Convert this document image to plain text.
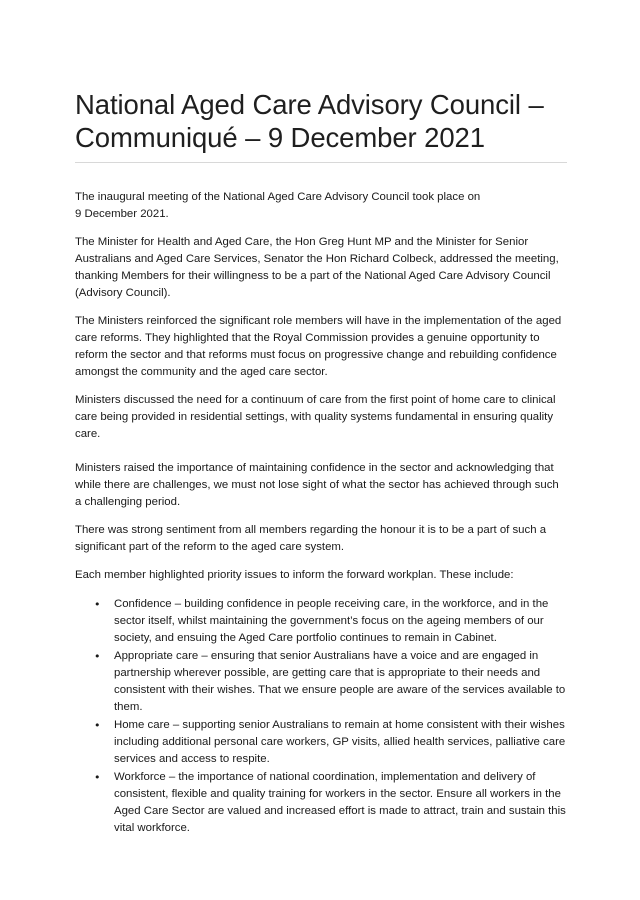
National Aged Care Advisory Council –
Communiqué – 9 December 2021

The inaugural meeting of the National Aged Care Advisory Council took place on
9 December 2021.

The Minister for Health and Aged Care, the Hon Greg Hunt MP and the Minister for Senior Australians and Aged Care Services, Senator the Hon Richard Colbeck, addressed the meeting, thanking Members for their willingness to be a part of the National Aged Care Advisory Council (Advisory Council).

The Ministers reinforced the significant role members will have in the implementation of the aged care reforms. They highlighted that the Royal Commission provides a genuine opportunity to reform the sector and that reforms must focus on progressive change and rebuilding confidence amongst the community and the aged care sector.

Ministers discussed the need for a continuum of care from the first point of home care to clinical care being provided in residential settings, with quality systems fundamental in ensuring quality care.

Ministers raised the importance of maintaining confidence in the sector and acknowledging that while there are challenges, we must not lose sight of what the sector has achieved through such a challenging period.

There was strong sentiment from all members regarding the honour it is to be a part of such a significant part of the reform to the aged care system.

Each member highlighted priority issues to inform the forward workplan. These include:

• Confidence – building confidence in people receiving care, in the workforce, and in the sector itself, whilst maintaining the government’s focus on the ageing members of our society, and ensuing the Aged Care portfolio continues to remain in Cabinet.
• Appropriate care – ensuring that senior Australians have a voice and are engaged in partnership wherever possible, are getting care that is appropriate to their needs and consistent with their wishes. That we ensure people are aware of the services available to them.
• Home care – supporting senior Australians to remain at home consistent with their wishes including additional personal care workers, GP visits, allied health services, palliative care services and access to respite.
• Workforce – the importance of national coordination, implementation and delivery of consistent, flexible and quality training for workers in the sector. Ensure all workers in the Aged Care Sector are valued and increased effort is made to attract, train and sustain this vital workforce.
